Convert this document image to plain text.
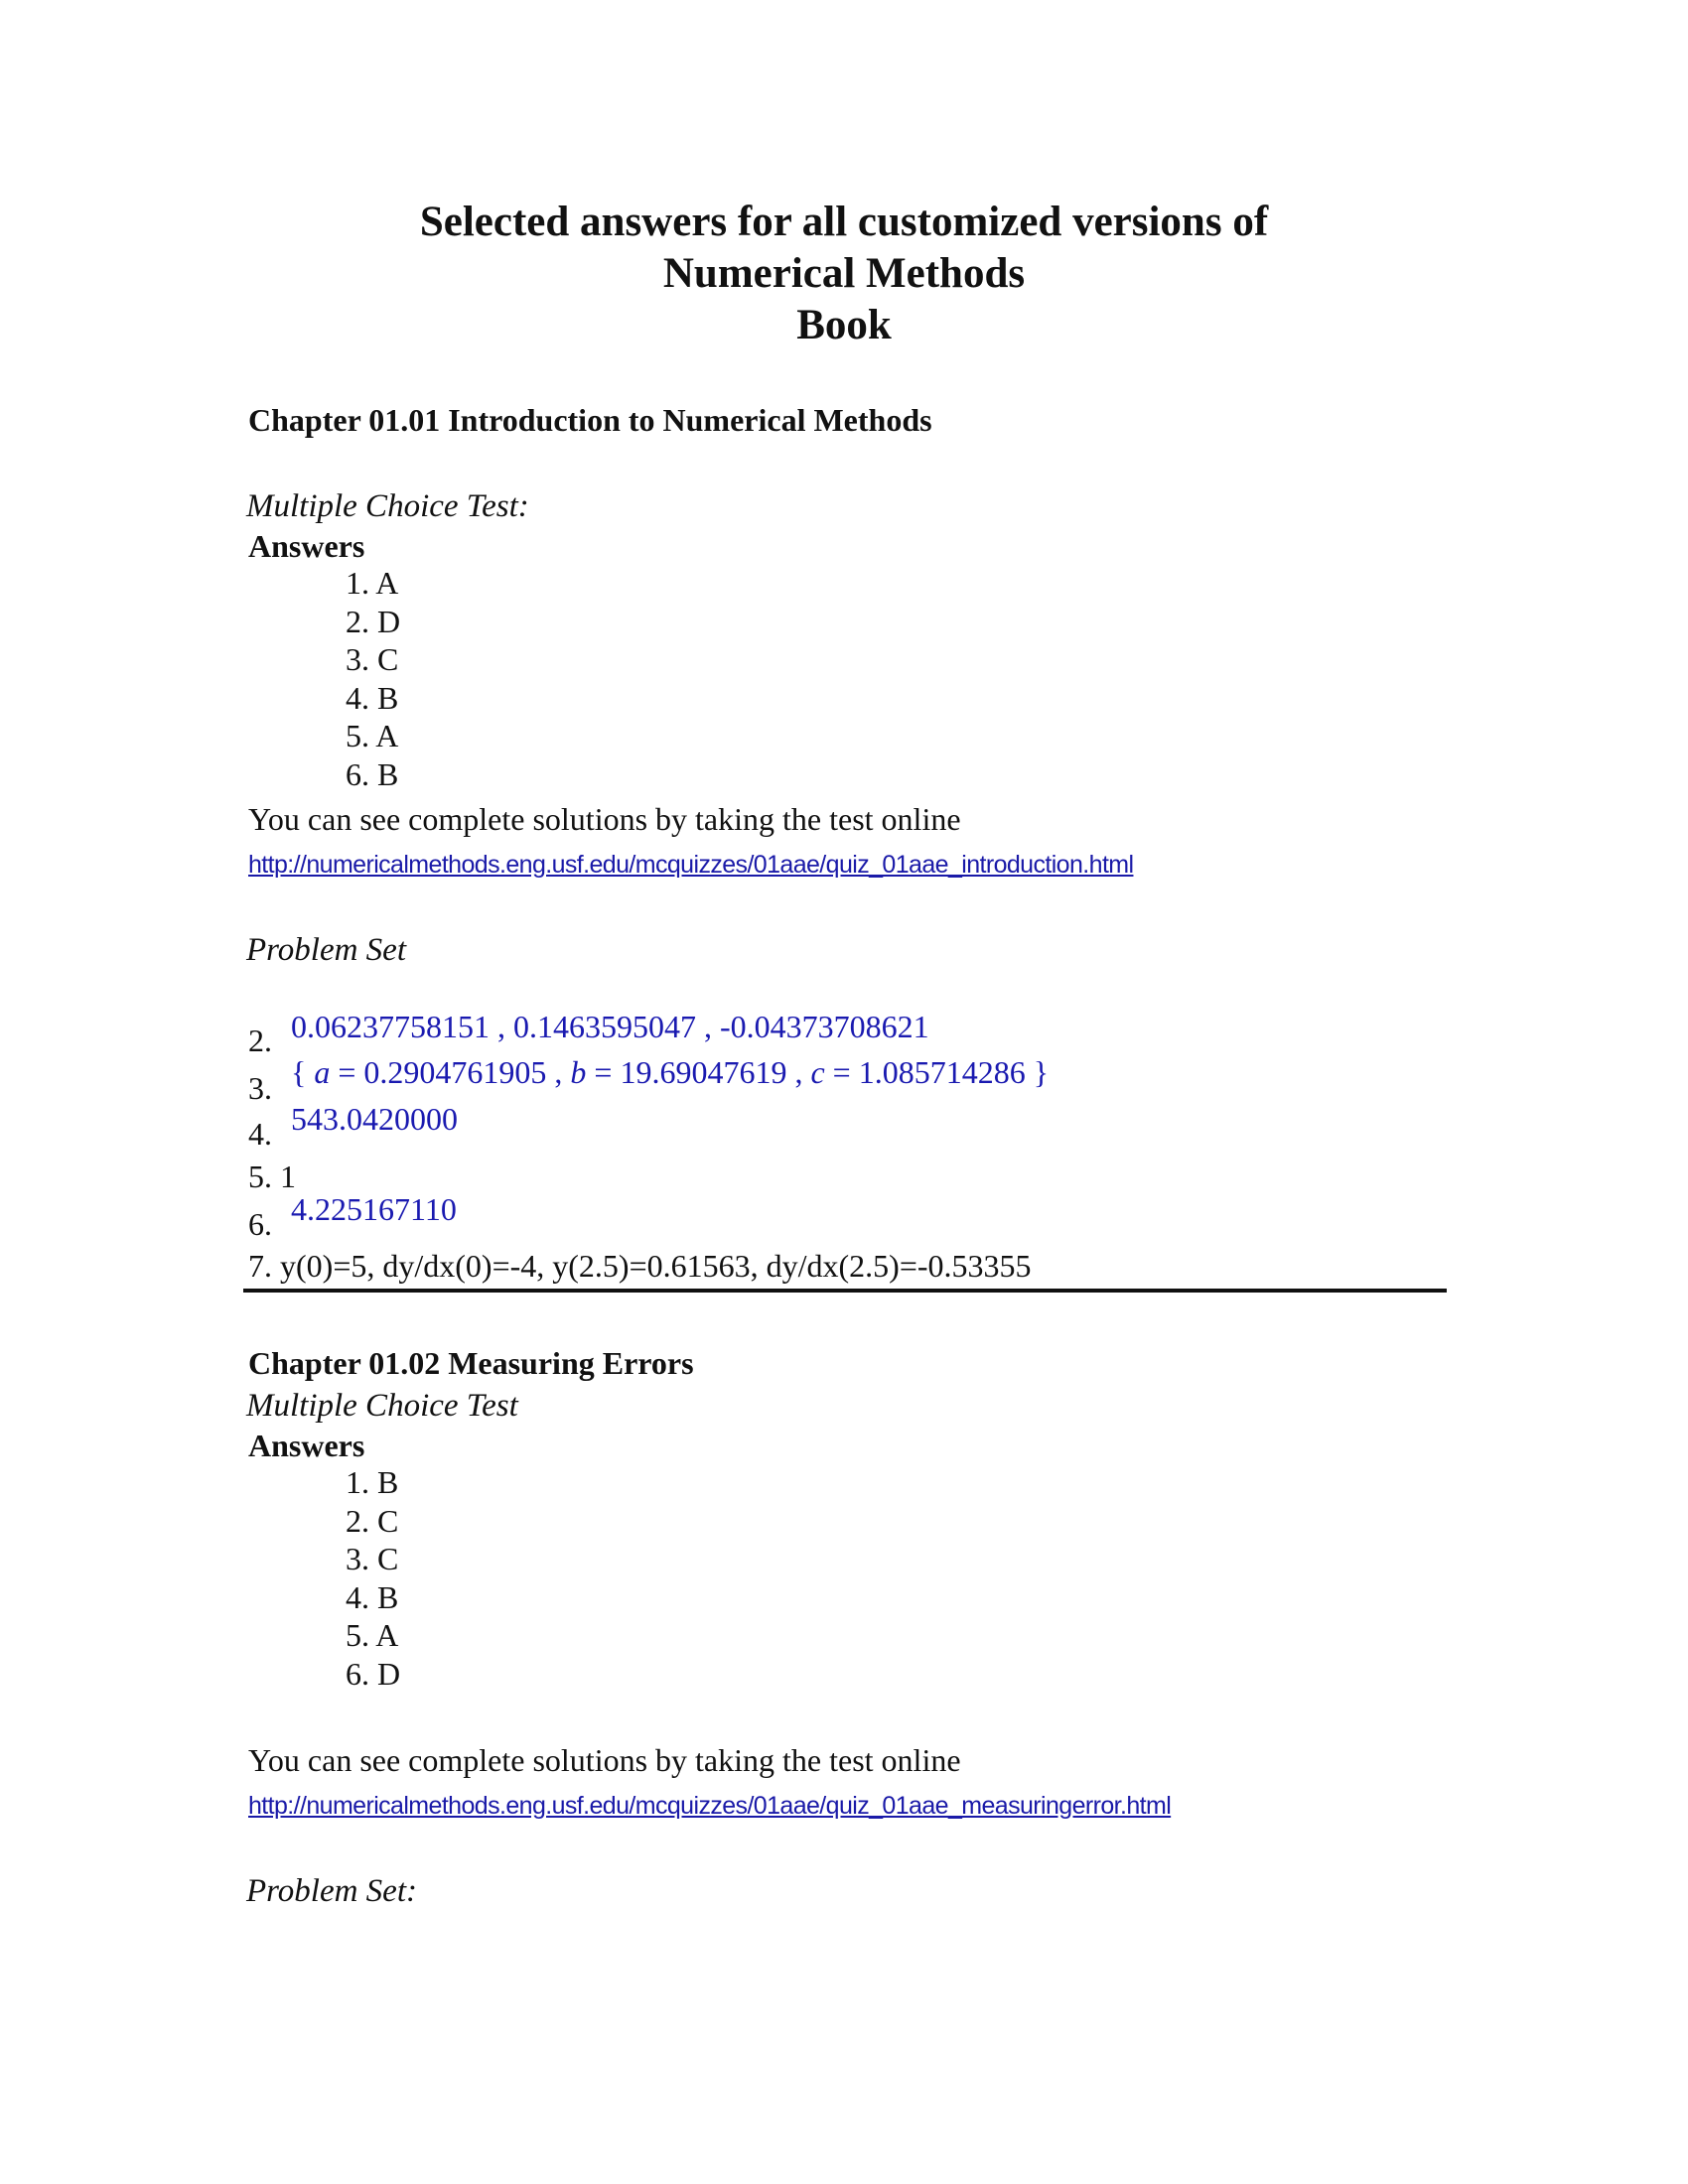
Selected answers for all customized versions of
Numerical Methods
Book
Chapter 01.01 Introduction to Numerical Methods
Multiple Choice Test:
Answers
1. A
2. D
3. C
4. B
5. A
6. B
You can see complete solutions by taking the test online
http://numericalmethods.eng.usf.edu/mcquizzes/01aae/quiz_01aae_introduction.html
Problem Set
2. 0.06237758151 , 0.1463595047 , -0.04373708621
3. { a = 0.2904761905 , b = 19.69047619 , c = 1.085714286 }
4. 543.0420000
5. 1
6. 4.225167110
7. y(0)=5, dy/dx(0)=-4, y(2.5)=0.61563, dy/dx(2.5)=-0.53355
Chapter 01.02 Measuring Errors
Multiple Choice Test
Answers
1. B
2. C
3. C
4. B
5. A
6. D
You can see complete solutions by taking the test online
http://numericalmethods.eng.usf.edu/mcquizzes/01aae/quiz_01aae_measuringerror.html
Problem Set:
